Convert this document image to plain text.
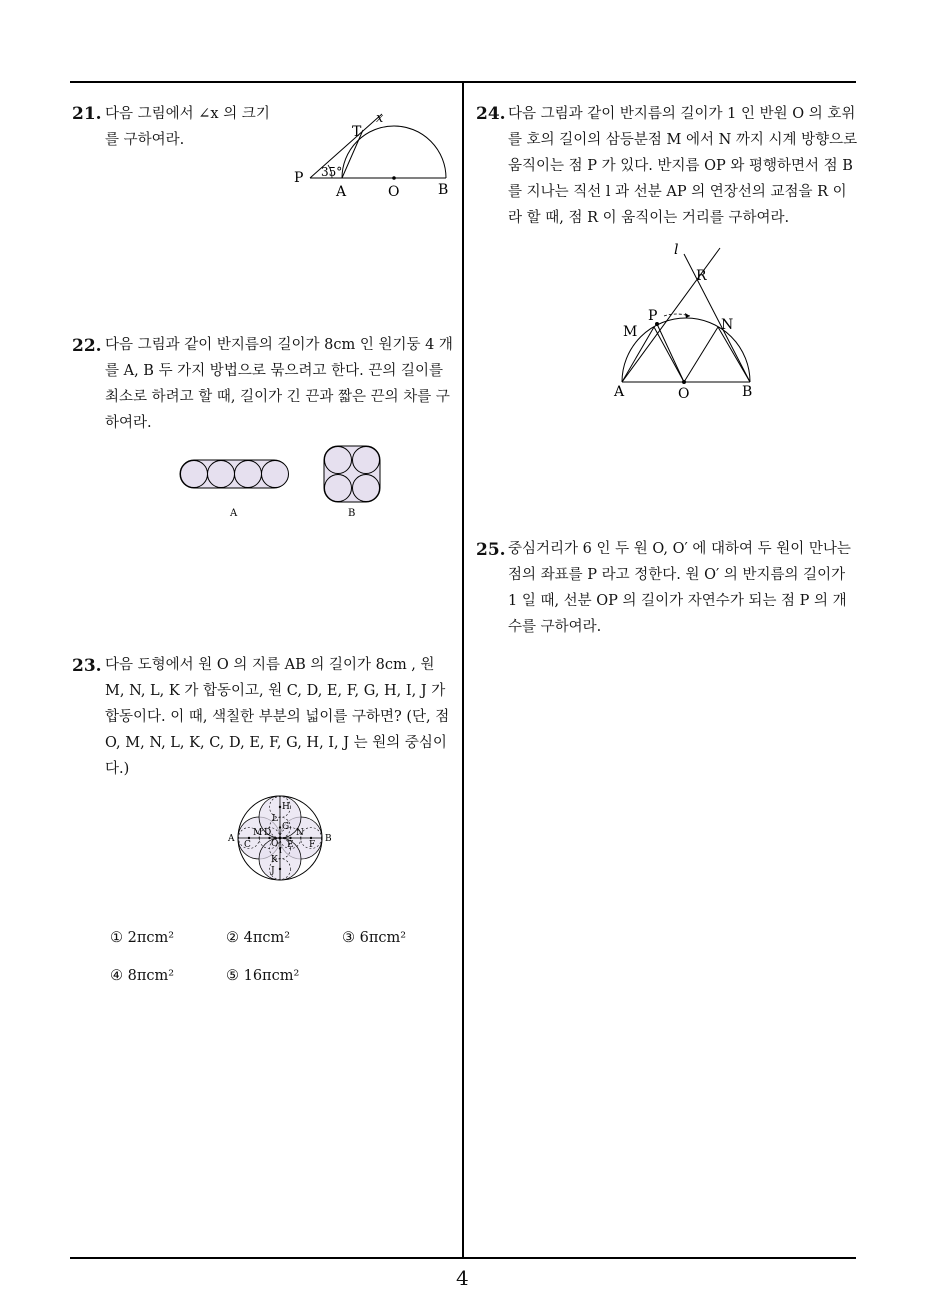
4
21. 다음 그림에서 ∠x 의 크기를 구하여라.

35°
P
A	O	B
T
x
22. 다음 그림과 같이 반지름의 길이가 8cm 인 원기둥 4 개를 A, B 두 가지 방법으로 묶으려고 한다. 끈의 길이를 최소로 하려고 할 때, 길이가 긴 끈과 짧은 끈의 차를 구하여라.

A	B
23. 다음 도형에서 원 O 의 지름 AB 의 길이가 8cm , 원 M, N, L, K 가 합동이고, 원 C, D, E, F, G, H, I, J 가 합동이다. 이 때, 색칠한 부분의 넓이를 구하면? (단, 점 O, M, N, L, K, C, D, E, F, G, H, I, J 는 원의 중심이다.)

A	B
M D	N
C	E F
O
I
G
L
H
K
J
① 2πcm²	② 4πcm²	③ 6πcm²
④ 8πcm²	⑤ 16πcm²
24. 다음 그림과 같이 반지름의 길이가 1 인 반원 O 의 호위를 호의 길이의 삼등분점 M 에서 N 까지 시계 방향으로 움직이는 점 P 가 있다. 반지름 OP 와 평행하면서 점 B 를 지나는 직선 l 과 선분 AP 의 연장선의 교점을 R 이라 할 때, 점 R 이 움직이는 거리를 구하여라.

l
R
P
M	N
A	O	B
25. 중심거리가 6 인 두 원 O, O′ 에 대하여 두 원이 만나는 점의 좌표를 P 라고 정한다. 원 O′ 의 반지름의 길이가 1 일 때, 선분 OP 의 길이가 자연수가 되는 점 P 의 개수를 구하여라.
